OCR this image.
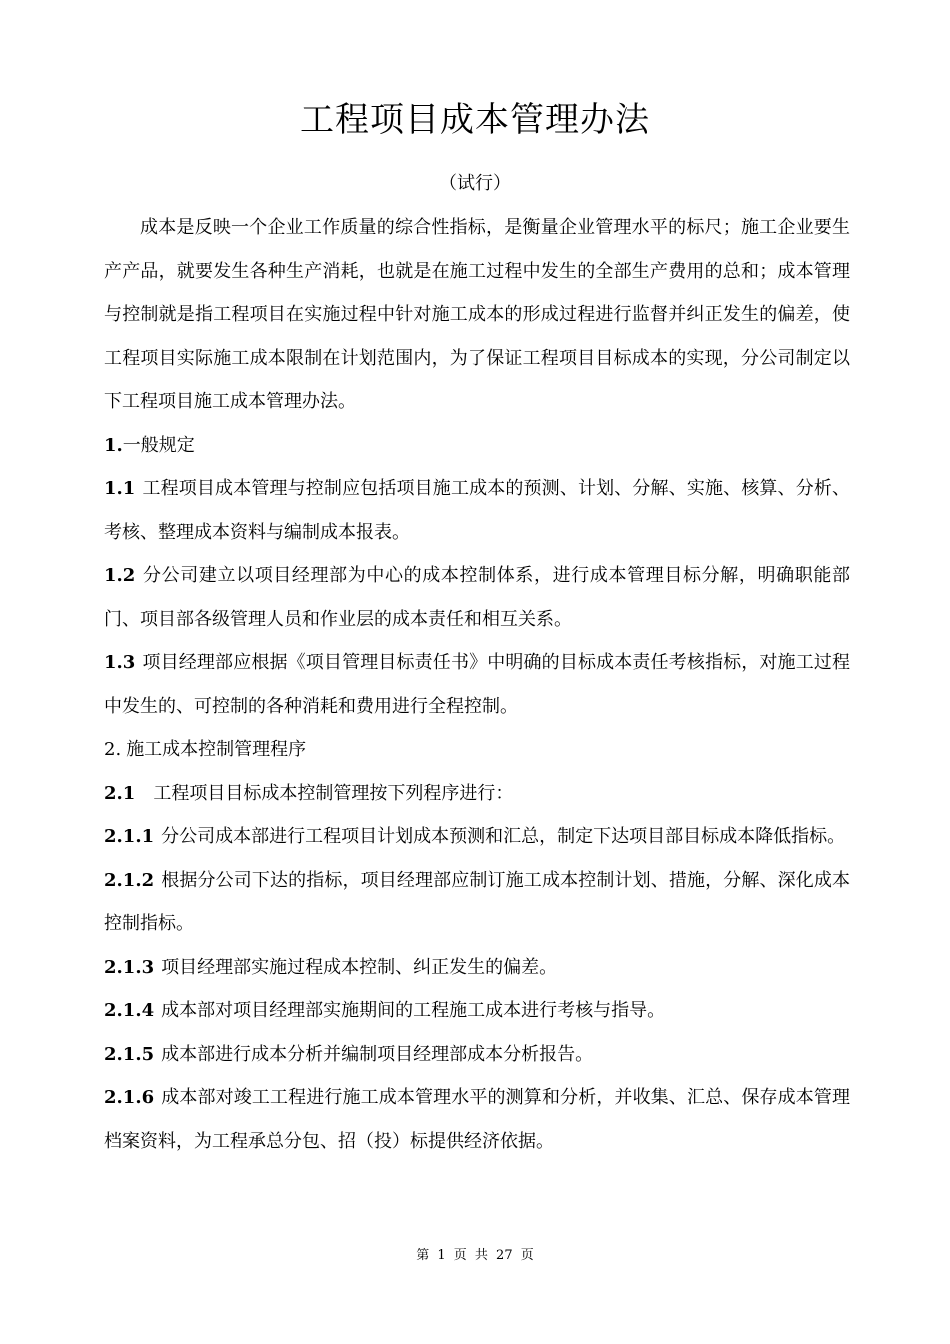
工程项目成本管理办法
（试行）

成本是反映一个企业工作质量的综合性指标，是衡量企业管理水平的标尺；施工企业要生产产品，就要发生各种生产消耗，也就是在施工过程中发生的全部生产费用的总和；成本管理与控制就是指工程项目在实施过程中针对施工成本的形成过程进行监督并纠正发生的偏差，使工程项目实际施工成本限制在计划范围内，为了保证工程项目目标成本的实现，分公司制定以下工程项目施工成本管理办法。

1.一般规定

1.1 工程项目成本管理与控制应包括项目施工成本的预测、计划、分解、实施、核算、分析、考核、整理成本资料与编制成本报表。

1.2 分公司建立以项目经理部为中心的成本控制体系，进行成本管理目标分解，明确职能部门、项目部各级管理人员和作业层的成本责任和相互关系。

1.3 项目经理部应根据《项目管理目标责任书》中明确的目标成本责任考核指标，对施工过程中发生的、可控制的各种消耗和费用进行全程控制。

2. 施工成本控制管理程序

2.1 工程项目目标成本控制管理按下列程序进行：

2.1.1 分公司成本部进行工程项目计划成本预测和汇总，制定下达项目部目标成本降低指标。

2.1.2 根据分公司下达的指标，项目经理部应制订施工成本控制计划、措施，分解、深化成本控制指标。

2.1.3 项目经理部实施过程成本控制、纠正发生的偏差。

2.1.4 成本部对项目经理部实施期间的工程施工成本进行考核与指导。

2.1.5 成本部进行成本分析并编制项目经理部成本分析报告。

2.1.6 成本部对竣工工程进行施工成本管理水平的测算和分析，并收集、汇总、保存成本管理档案资料，为工程承总分包、招（投）标提供经济依据。

第 1 页 共 27 页
